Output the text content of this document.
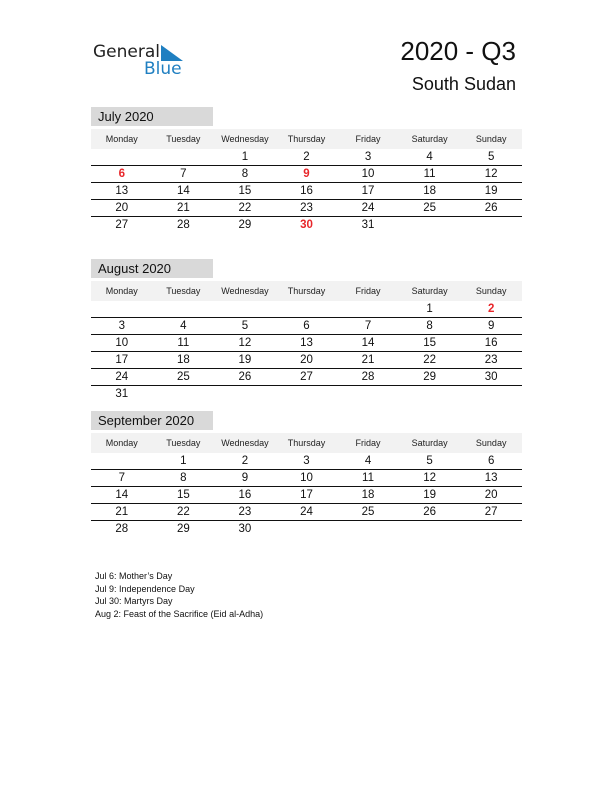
General
Blue
2020 - Q3
South Sudan
July 2020
Monday	Tuesday	Wednesday	Thursday	Friday	Saturday	Sunday
		1	2	3	4	5
6	7	8	9	10	11	12
13	14	15	16	17	18	19
20	21	22	23	24	25	26
27	28	29	30	31		
August 2020
Monday	Tuesday	Wednesday	Thursday	Friday	Saturday	Sunday
					1	2
3	4	5	6	7	8	9
10	11	12	13	14	15	16
17	18	19	20	21	22	23
24	25	26	27	28	29	30
31						
September 2020
Monday	Tuesday	Wednesday	Thursday	Friday	Saturday	Sunday
	1	2	3	4	5	6
7	8	9	10	11	12	13
14	15	16	17	18	19	20
21	22	23	24	25	26	27
28	29	30				
Jul 6: Mother’s Day
Jul 9: Independence Day
Jul 30: Martyrs Day
Aug 2: Feast of the Sacrifice (Eid al-Adha)
